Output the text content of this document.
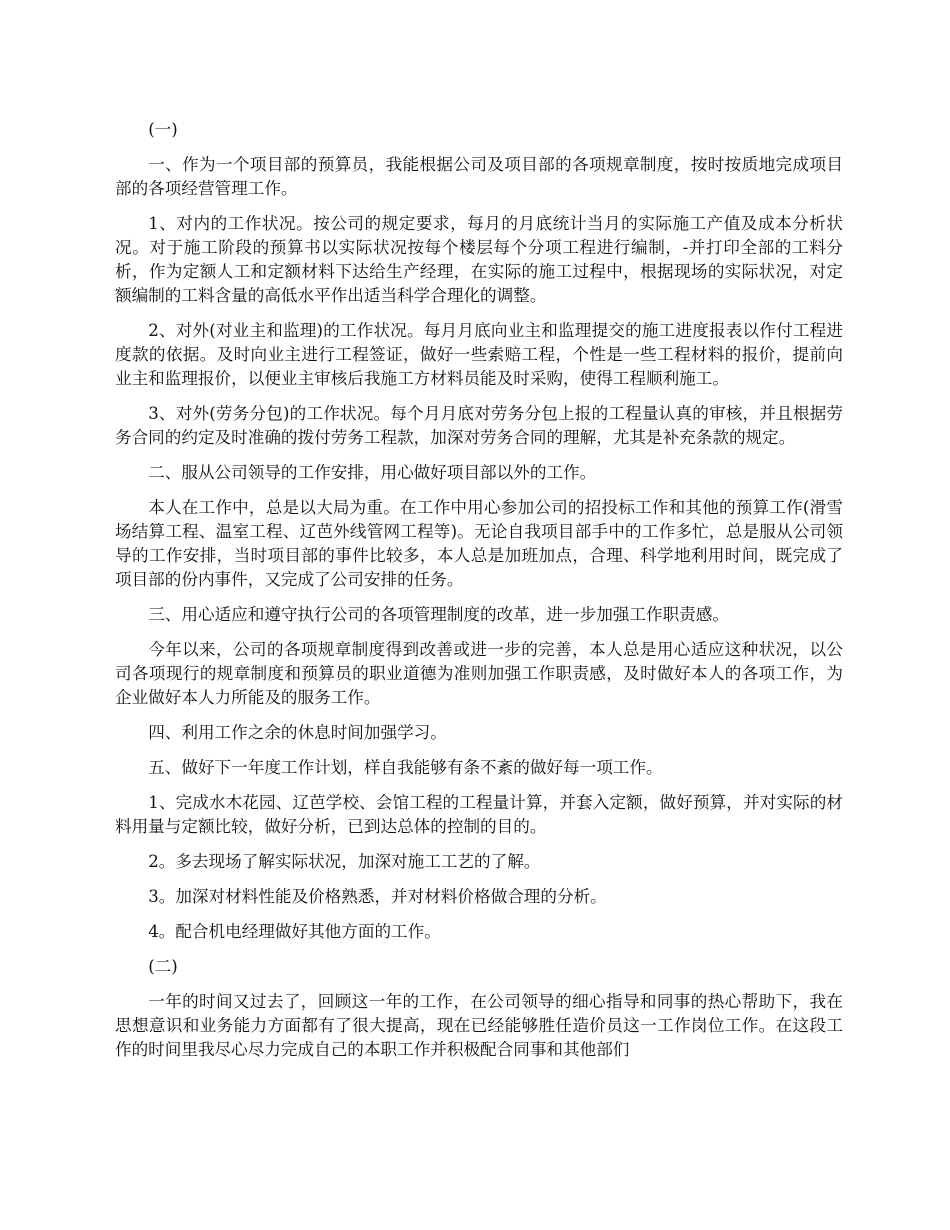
(一)

一、作为一个项目部的预算员，我能根据公司及项目部的各项规章制度，按时按质地完成项目部的各项经营管理工作。

1、对内的工作状况。按公司的规定要求，每月的月底统计当月的实际施工产值及成本分析状况。对于施工阶段的预算书以实际状况按每个楼层每个分项工程进行编制，-并打印全部的工料分析，作为定额人工和定额材料下达给生产经理，在实际的施工过程中，根据现场的实际状况，对定额编制的工料含量的高低水平作出适当科学合理化的调整。

2、对外(对业主和监理)的工作状况。每月月底向业主和监理提交的施工进度报表以作付工程进度款的依据。及时向业主进行工程签证，做好一些索赔工程，个性是一些工程材料的报价，提前向业主和监理报价，以便业主审核后我施工方材料员能及时采购，使得工程顺利施工。

3、对外(劳务分包)的工作状况。每个月月底对劳务分包上报的工程量认真的审核，并且根据劳务合同的约定及时准确的拨付劳务工程款，加深对劳务合同的理解，尤其是补充条款的规定。

二、服从公司领导的工作安排，用心做好项目部以外的工作。

本人在工作中，总是以大局为重。在工作中用心参加公司的招投标工作和其他的预算工作(滑雪场结算工程、温室工程、辽芭外线管网工程等)。无论自我项目部手中的工作多忙，总是服从公司领导的工作安排，当时项目部的事件比较多，本人总是加班加点，合理、科学地利用时间，既完成了项目部的份内事件，又完成了公司安排的任务。

三、用心适应和遵守执行公司的各项管理制度的改革，进一步加强工作职责感。

今年以来，公司的各项规章制度得到改善或进一步的完善，本人总是用心适应这种状况，以公司各项现行的规章制度和预算员的职业道德为准则加强工作职责感，及时做好本人的各项工作，为企业做好本人力所能及的服务工作。

四、利用工作之余的休息时间加强学习。

五、做好下一年度工作计划，样自我能够有条不紊的做好每一项工作。

1、完成水木花园、辽芭学校、会馆工程的工程量计算，并套入定额，做好预算，并对实际的材料用量与定额比较，做好分析，已到达总体的控制的目的。

2。多去现场了解实际状况，加深对施工工艺的了解。

3。加深对材料性能及价格熟悉，并对材料价格做合理的分析。

4。配合机电经理做好其他方面的工作。

(二)

一年的时间又过去了，回顾这一年的工作，在公司领导的细心指导和同事的热心帮助下，我在思想意识和业务能力方面都有了很大提高，现在已经能够胜任造价员这一工作岗位工作。在这段工作的时间里我尽心尽力完成自己的本职工作并积极配合同事和其他部们
